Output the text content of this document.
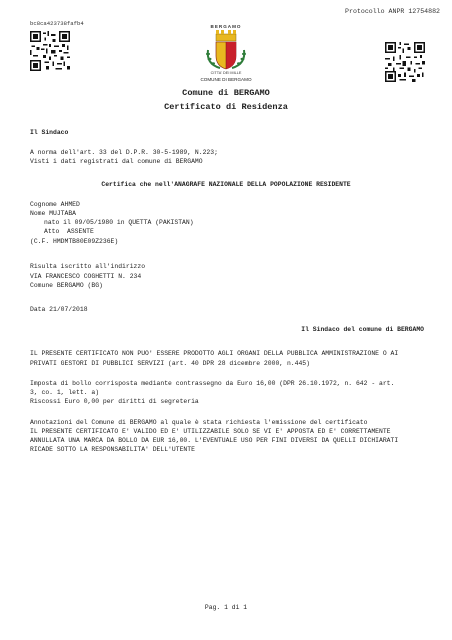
Protocollo ANPR 12754882
bc8ca423738fafb4	BERGAMO
CITTA' DEI MILLE
COMUNE DI BERGAMO
Comune di BERGAMO
Certificato di Residenza
Il Sindaco
A norma dell'art. 33 del D.P.R. 30-5-1989, N.223;
Visti i dati registrati dal comune di BERGAMO
Certifica che nell'ANAGRAFE NAZIONALE DELLA POPOLAZIONE RESIDENTE
Cognome AHMED
Nome MUJTABA
nato il 09/05/1980 in QUETTA (PAKISTAN)
Atto  ASSENTE
(C.F. HMDMTB80E09Z236E)
Risulta iscritto all'indirizzo
VIA FRANCESCO COGHETTI N. 234
Comune BERGAMO (BG)
Data 21/07/2018
Il Sindaco del comune di BERGAMO
IL PRESENTE CERTIFICATO NON PUO' ESSERE PRODOTTO AGLI ORGANI DELLA PUBBLICA AMMINISTRAZIONE O AI
PRIVATI GESTORI DI PUBBLICI SERVIZI (art. 40 DPR 28 dicembre 2000, n.445)
Imposta di bollo corrisposta mediante contrassegno da Euro 16,00 (DPR 26.10.1972, n. 642 - art.
3, co. 1, lett. a)
Riscossi Euro 0,00 per diritti di segreteria
Annotazioni del Comune di BERGAMO al quale è stata richiesta l'emissione del certificato
IL PRESENTE CERTIFICATO E' VALIDO ED E' UTILIZZABILE SOLO SE VI E' APPOSTA ED E' CORRETTAMENTE
ANNULLATA UNA MARCA DA BOLLO DA EUR 16,00. L'EVENTUALE USO PER FINI DIVERSI DA QUELLI DICHIARATI
RICADE SOTTO LA RESPONSABILITA' DELL'UTENTE
Pag. 1 di 1
